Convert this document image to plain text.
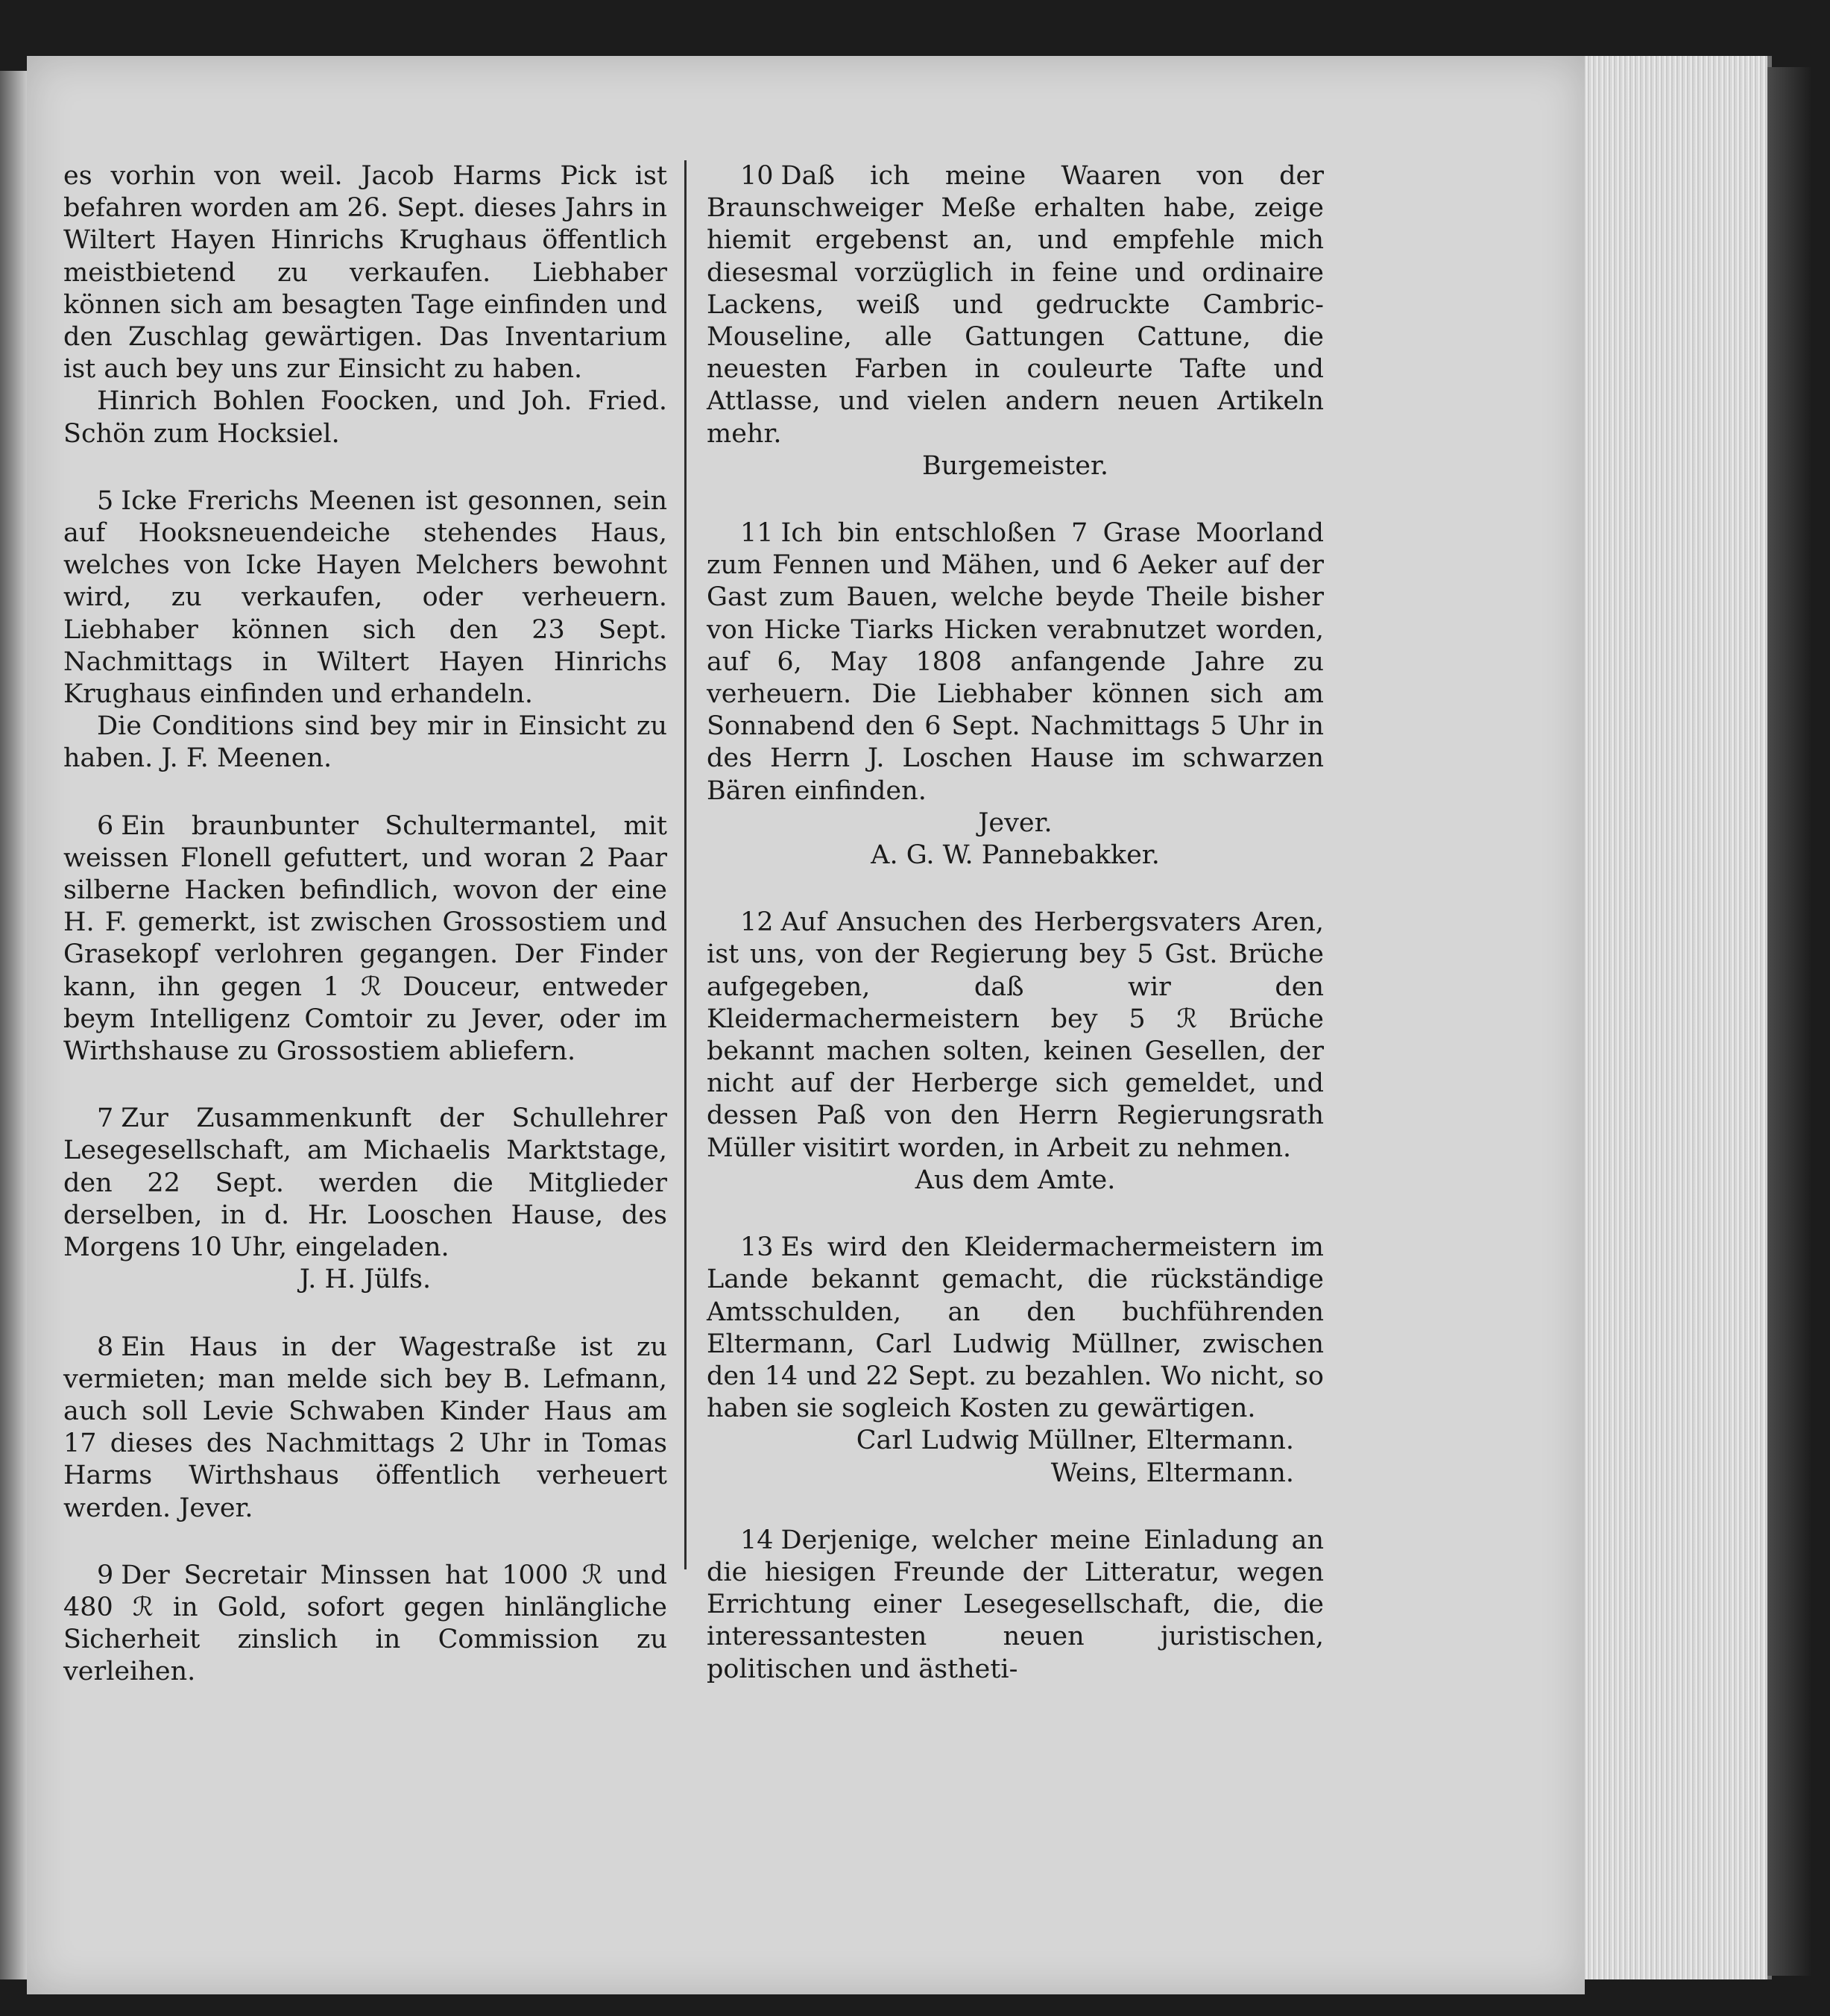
es vorhin von weil. Jacob Harms Pick ist befahren worden am 26. Sept. dieses Jahrs in Wiltert Hayen Hinrichs Krughaus öffentlich meistbietend zu verkaufen. Liebhaber können sich am besagten Tage einfinden und den Zuschlag gewärtigen. Das Inventarium ist auch bey uns zur Einsicht zu haben.

Hinrich Bohlen Foocken, und Joh. Fried. Schön zum Hocksiel.

5 Icke Frerichs Meenen ist gesonnen, sein auf Hooksneuendeiche stehendes Haus, welches von Icke Hayen Melchers bewohnt wird, zu verkaufen, oder verheuern. Liebhaber können sich den 23 Sept. Nachmittags in Wiltert Hayen Hinrichs Krughaus einfinden und erhandeln.

Die Conditions sind bey mir in Einsicht zu haben. J. F. Meenen.

6 Ein braunbunter Schultermantel, mit weissen Flonell gefuttert, und woran 2 Paar silberne Hacken befindlich, wovon der eine H. F. gemerkt, ist zwischen Grossostiem und Grasekopf verlohren gegangen. Der Finder kann, ihn gegen 1 ℛ Douceur, entweder beym Intelligenz Comtoir zu Jever, oder im Wirthshause zu Grossostiem abliefern.

7 Zur Zusammenkunft der Schullehrer Lesegesellschaft, am Michaelis Marktstage, den 22 Sept. werden die Mitglieder derselben, in d. Hr. Looschen Hause, des Morgens 10 Uhr, eingeladen.

J. H. Jülfs.

8 Ein Haus in der Wagestraße ist zu vermieten; man melde sich bey B. Lefmann, auch soll Levie Schwaben Kinder Haus am 17 dieses des Nachmittags 2 Uhr in Tomas Harms Wirthshaus öffentlich verheuert werden. Jever.

9 Der Secretair Minssen hat 1000 ℛ und 480 ℛ in Gold, sofort gegen hinlängliche Sicherheit zinslich in Commission zu verleihen.

10 Daß ich meine Waaren von der Braunschweiger Meße erhalten habe, zeige hiemit ergebenst an, und empfehle mich diesesmal vorzüglich in feine und ordinaire Lackens, weiß und gedruckte Cambric-Mouseline, alle Gattungen Cattune, die neuesten Farben in couleurte Tafte und Attlasse, und vielen andern neuen Artikeln mehr.

Burgemeister.

11 Ich bin entschloßen 7 Grase Moorland zum Fennen und Mähen, und 6 Aeker auf der Gast zum Bauen, welche beyde Theile bisher von Hicke Tiarks Hicken verabnutzet worden, auf 6, May 1808 anfangende Jahre zu verheuern. Die Liebhaber können sich am Sonnabend den 6 Sept. Nachmittags 5 Uhr in des Herrn J. Loschen Hause im schwarzen Bären einfinden.

Jever.

A. G. W. Pannebakker.

12 Auf Ansuchen des Herbergsvaters Aren, ist uns, von der Regierung bey 5 Gst. Brüche aufgegeben, daß wir den Kleidermachermeistern bey 5 ℛ Brüche bekannt machen solten, keinen Gesellen, der nicht auf der Herberge sich gemeldet, und dessen Paß von den Herrn Regierungsrath Müller visitirt worden, in Arbeit zu nehmen.

Aus dem Amte.

13 Es wird den Kleidermachermeistern im Lande bekannt gemacht, die rückständige Amtsschulden, an den buchführenden Eltermann, Carl Ludwig Müllner, zwischen den 14 und 22 Sept. zu bezahlen. Wo nicht, so haben sie sogleich Kosten zu gewärtigen.

Carl Ludwig Müllner, Eltermann.

Weins, Eltermann.

14 Derjenige, welcher meine Einladung an die hiesigen Freunde der Litteratur, wegen Errichtung einer Lesegesellschaft, die, die interessantesten neuen juristischen, politischen und ästheti-
